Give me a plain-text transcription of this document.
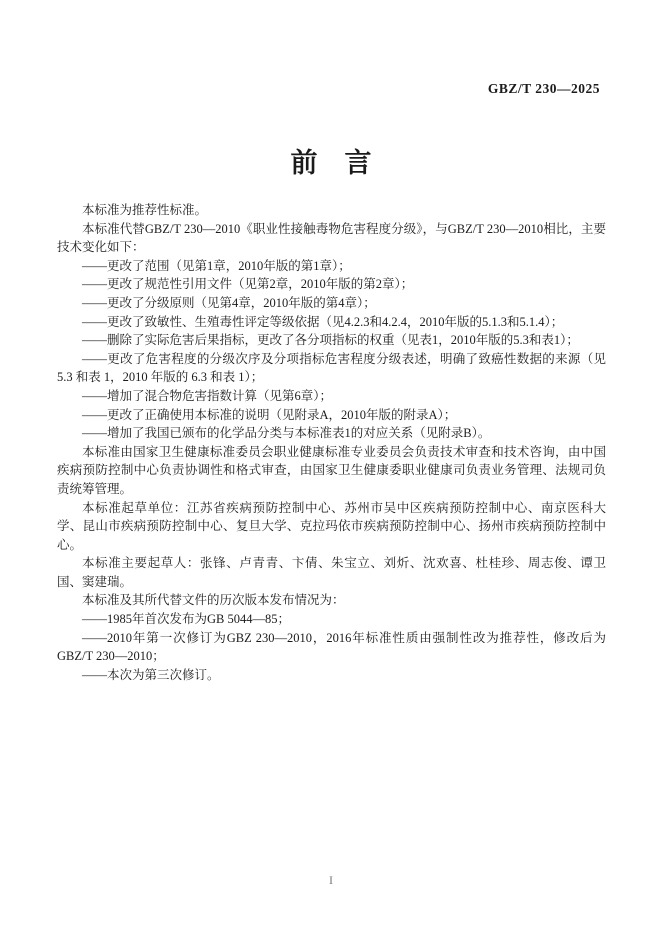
GBZ/T 230—2025
前　言

本标准为推荐性标准。

本标准代替GBZ/T 230—2010《职业性接触毒物危害程度分级》，与GBZ/T 230—2010相比，主要技术变化如下：

——更改了范围（见第1章，2010年版的第1章）；

——更改了规范性引用文件（见第2章，2010年版的第2章）；

——更改了分级原则（见第4章，2010年版的第4章）；

——更改了致敏性、生殖毒性评定等级依据（见4.2.3和4.2.4，2010年版的5.1.3和5.1.4）；

——删除了实际危害后果指标，更改了各分项指标的权重（见表1，2010年版的5.3和表1）；

——更改了危害程度的分级次序及分项指标危害程度分级表述，明确了致癌性数据的来源（见 5.3 和表 1，2010 年版的 6.3 和表 1）；

——增加了混合物危害指数计算（见第6章）；

——更改了正确使用本标准的说明（见附录A，2010年版的附录A）；

——增加了我国已颁布的化学品分类与本标准表1的对应关系（见附录B）。

本标准由国家卫生健康标准委员会职业健康标准专业委员会负责技术审查和技术咨询，由中国疾病预防控制中心负责协调性和格式审查，由国家卫生健康委职业健康司负责业务管理、法规司负责统筹管理。

本标准起草单位：江苏省疾病预防控制中心、苏州市吴中区疾病预防控制中心、南京医科大学、昆山市疾病预防控制中心、复旦大学、克拉玛依市疾病预防控制中心、扬州市疾病预防控制中心。

本标准主要起草人：张锋、卢青青、卞倩、朱宝立、刘炘、沈欢喜、杜桂珍、周志俊、谭卫国、窦建瑞。

本标准及其所代替文件的历次版本发布情况为：

——1985年首次发布为GB 5044—85；

——2010年第一次修订为GBZ 230—2010，2016年标准性质由强制性改为推荐性，修改后为GBZ/T 230—2010；

——本次为第三次修订。

I
